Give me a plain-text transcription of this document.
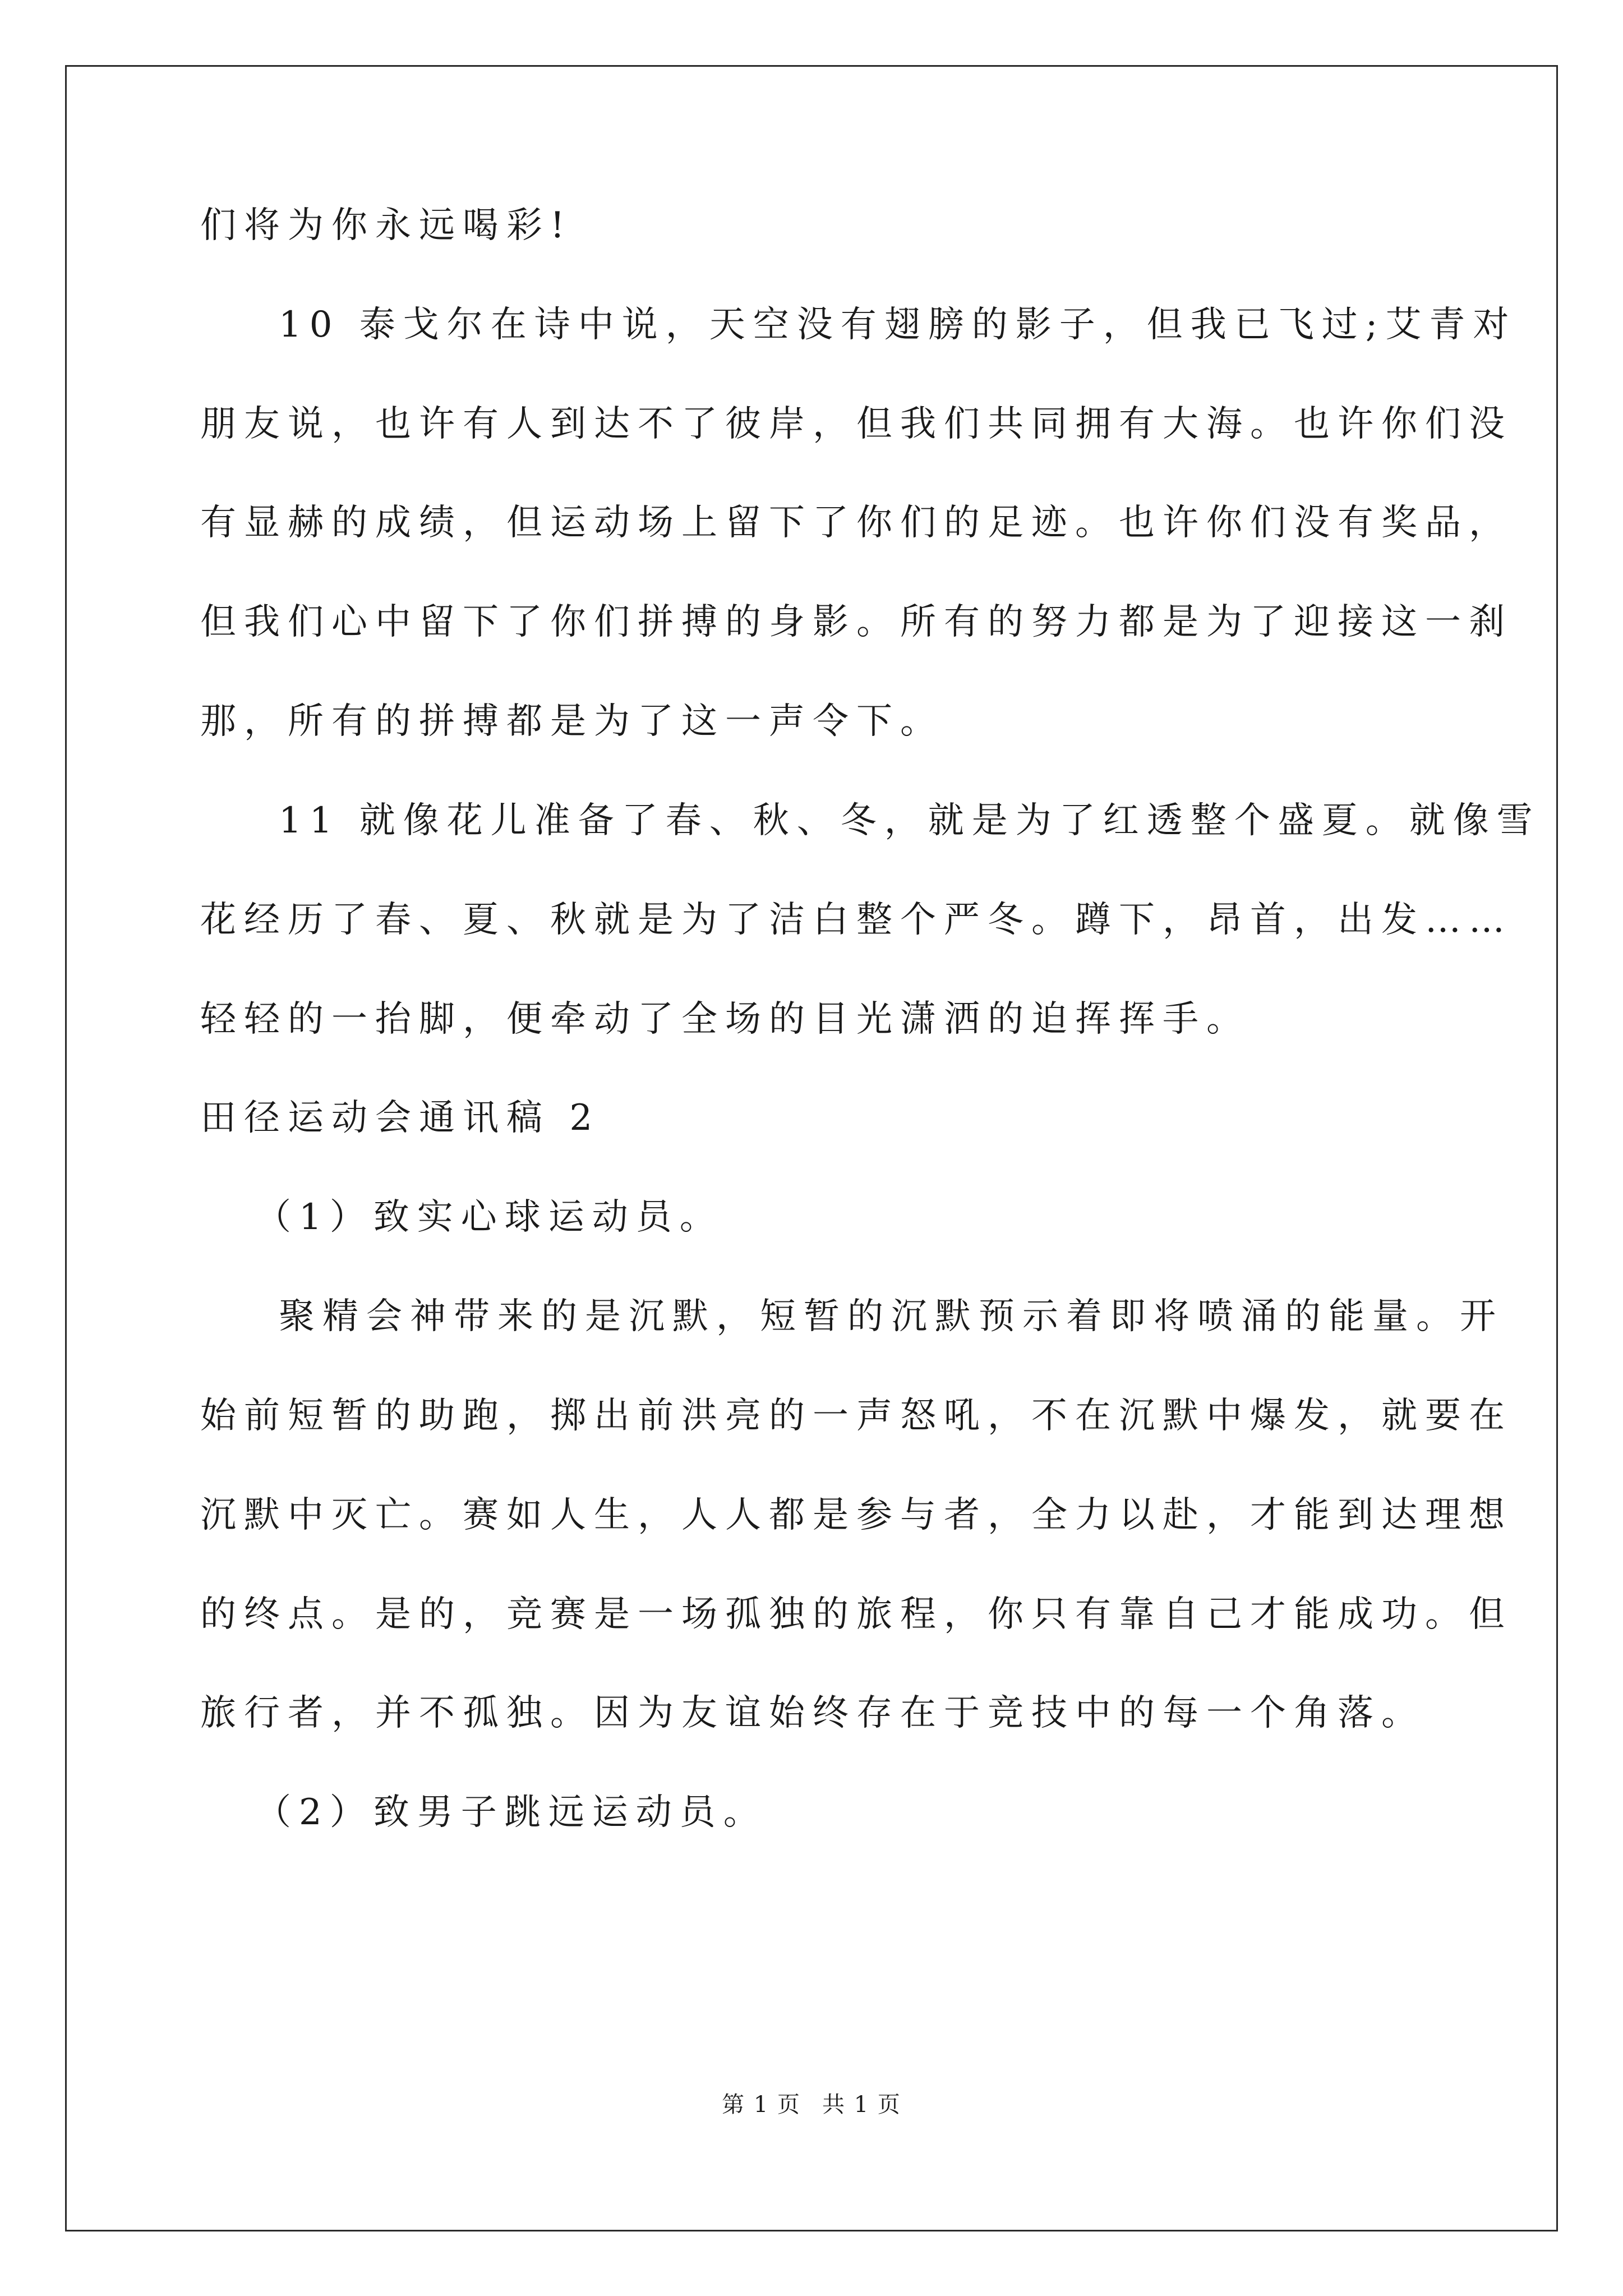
们将为你永远喝彩!
10 泰戈尔在诗中说，天空没有翅膀的影子，但我已飞过;艾青对
朋友说，也许有人到达不了彼岸，但我们共同拥有大海。也许你们没
有显赫的成绩，但运动场上留下了你们的足迹。也许你们没有奖品，
但我们心中留下了你们拼搏的身影。所有的努力都是为了迎接这一刹
那，所有的拼搏都是为了这一声令下。
11 就像花儿准备了春、秋、冬，就是为了红透整个盛夏。就像雪
花经历了春、夏、秋就是为了洁白整个严冬。蹲下，昂首，出发……
轻轻的一抬脚，便牵动了全场的目光潇洒的迫挥挥手。
田径运动会通讯稿 2
（1）致实心球运动员。
聚精会神带来的是沉默，短暂的沉默预示着即将喷涌的能量。开
始前短暂的助跑，掷出前洪亮的一声怒吼，不在沉默中爆发，就要在
沉默中灭亡。赛如人生，人人都是参与者，全力以赴，才能到达理想
的终点。是的，竞赛是一场孤独的旅程，你只有靠自己才能成功。但
旅行者，并不孤独。因为友谊始终存在于竞技中的每一个角落。
（2）致男子跳远运动员。
第 1 页 共 1 页
